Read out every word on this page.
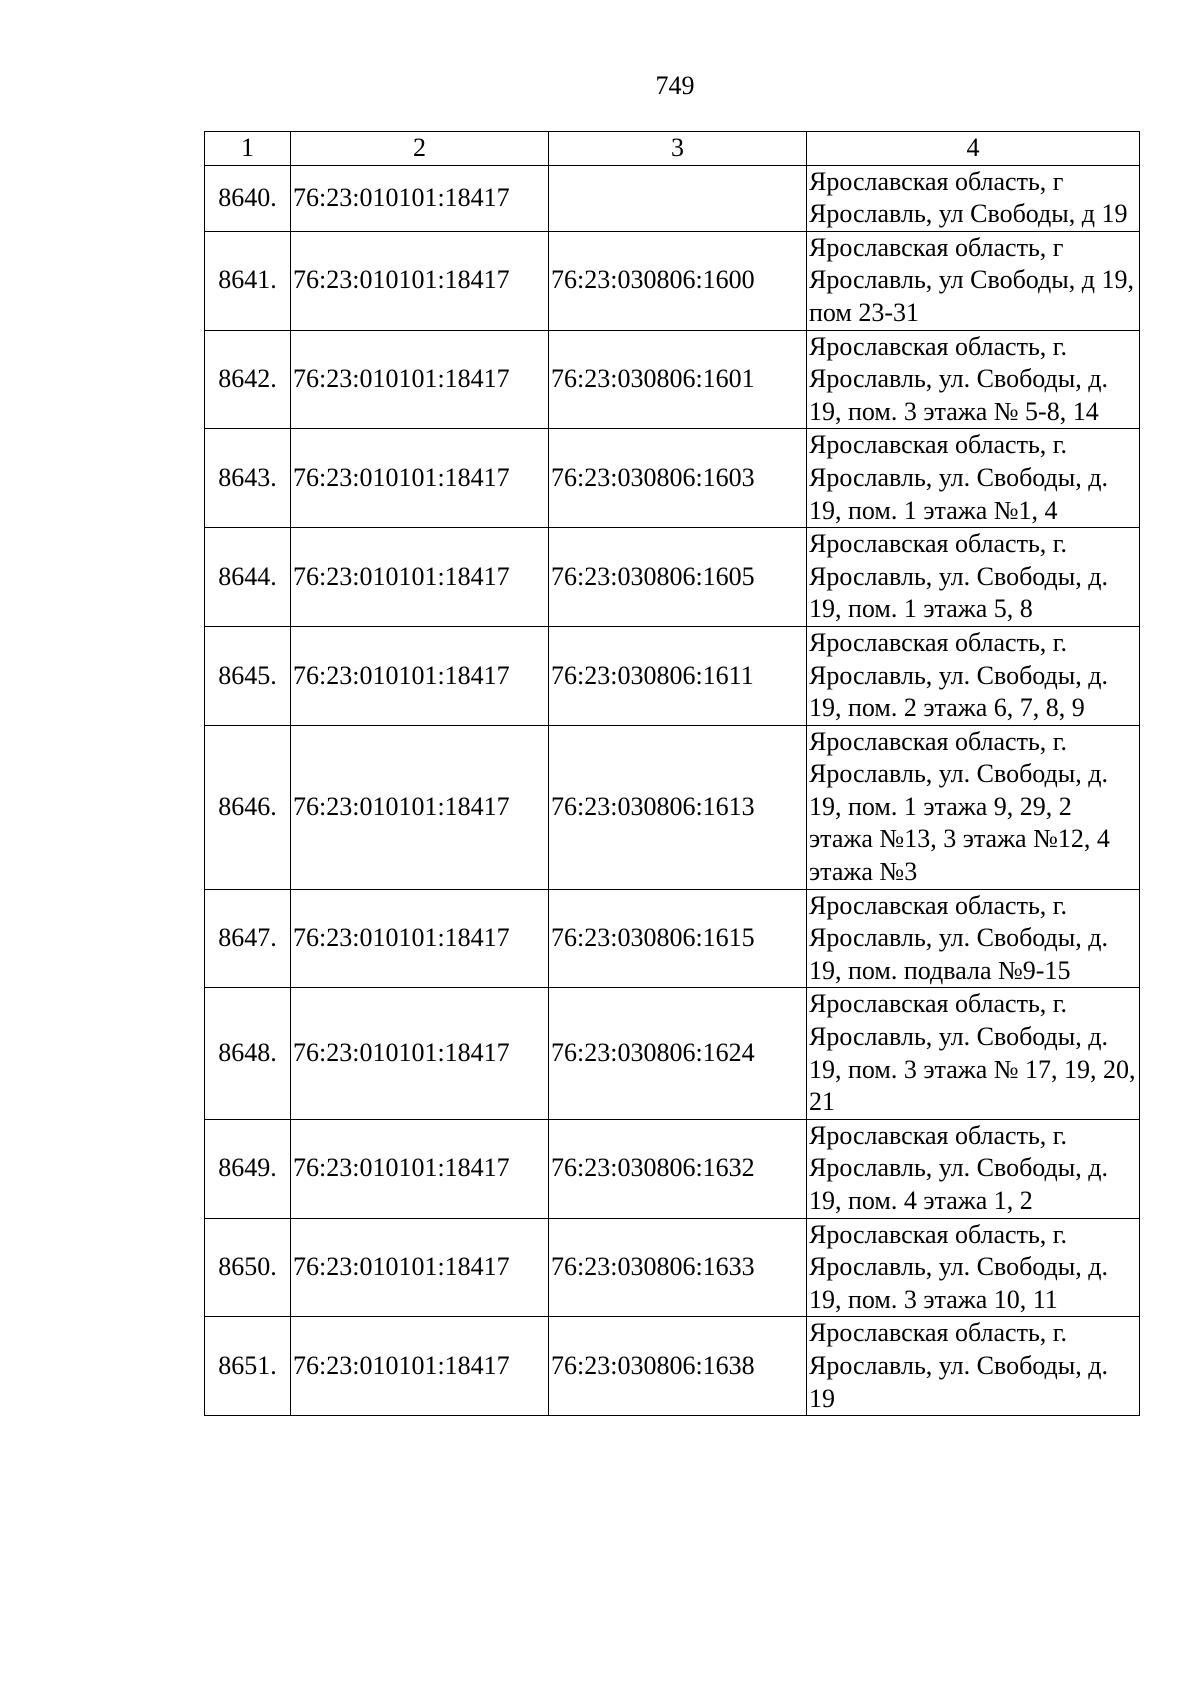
749
1	2	3	4
8640.	76:23:010101:18417		Ярославская область, г Ярославль, ул Свободы, д 19
8641.	76:23:010101:18417	76:23:030806:1600	Ярославская область, г Ярославль, ул Свободы, д 19, пом 23-31
8642.	76:23:010101:18417	76:23:030806:1601	Ярославская область, г. Ярославль, ул. Свободы, д. 19, пом. 3 этажа № 5-8, 14
8643.	76:23:010101:18417	76:23:030806:1603	Ярославская область, г. Ярославль, ул. Свободы, д. 19, пом. 1 этажа №1, 4
8644.	76:23:010101:18417	76:23:030806:1605	Ярославская область, г. Ярославль, ул. Свободы, д. 19, пом. 1 этажа 5, 8
8645.	76:23:010101:18417	76:23:030806:1611	Ярославская область, г. Ярославль, ул. Свободы, д. 19, пом. 2 этажа 6, 7, 8, 9
8646.	76:23:010101:18417	76:23:030806:1613	Ярославская область, г. Ярославль, ул. Свободы, д. 19, пом. 1 этажа 9, 29, 2 этажа №13, 3 этажа №12, 4 этажа №3
8647.	76:23:010101:18417	76:23:030806:1615	Ярославская область, г. Ярославль, ул. Свободы, д. 19, пом. подвала №9-15
8648.	76:23:010101:18417	76:23:030806:1624	Ярославская область, г. Ярославль, ул. Свободы, д. 19, пом. 3 этажа № 17, 19, 20, 21
8649.	76:23:010101:18417	76:23:030806:1632	Ярославская область, г. Ярославль, ул. Свободы, д. 19, пом. 4 этажа 1, 2
8650.	76:23:010101:18417	76:23:030806:1633	Ярославская область, г. Ярославль, ул. Свободы, д. 19, пом. 3 этажа 10, 11
8651.	76:23:010101:18417	76:23:030806:1638	Ярославская область, г. Ярославль, ул. Свободы, д. 19
